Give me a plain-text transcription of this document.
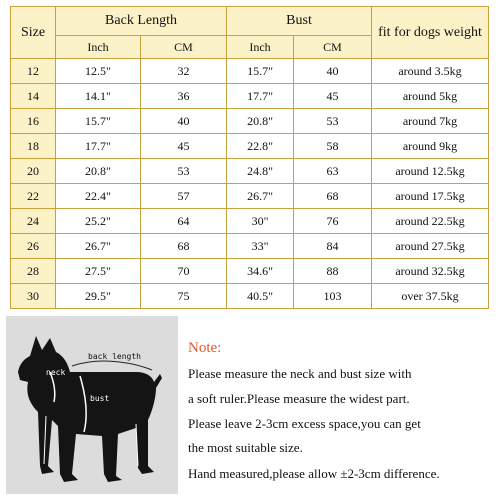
Size	Back Length		Bust		fit for dogs weight
	Inch	CM	Inch	CM	
12	12.5"	32	15.7"	40	around 3.5kg
14	14.1"	36	17.7"	45	around 5kg
16	15.7"	40	20.8"	53	around 7kg
18	17.7"	45	22.8"	58	around 9kg
20	20.8"	53	24.8"	63	around 12.5kg
22	22.4"	57	26.7"	68	around 17.5kg
24	25.2"	64	30"	76	around 22.5kg
26	26.7"	68	33"	84	around 27.5kg
28	27.5"	70	34.6"	88	around 32.5kg
30	29.5"	75	40.5"	103	over 37.5kg
back length
neck
bust
Note:
Please measure the neck and bust size with
a soft ruler.Please measure the widest part.
Please leave 2-3cm excess space,you can get
the most suitable size.
Hand measured,please allow ±2-3cm difference.
